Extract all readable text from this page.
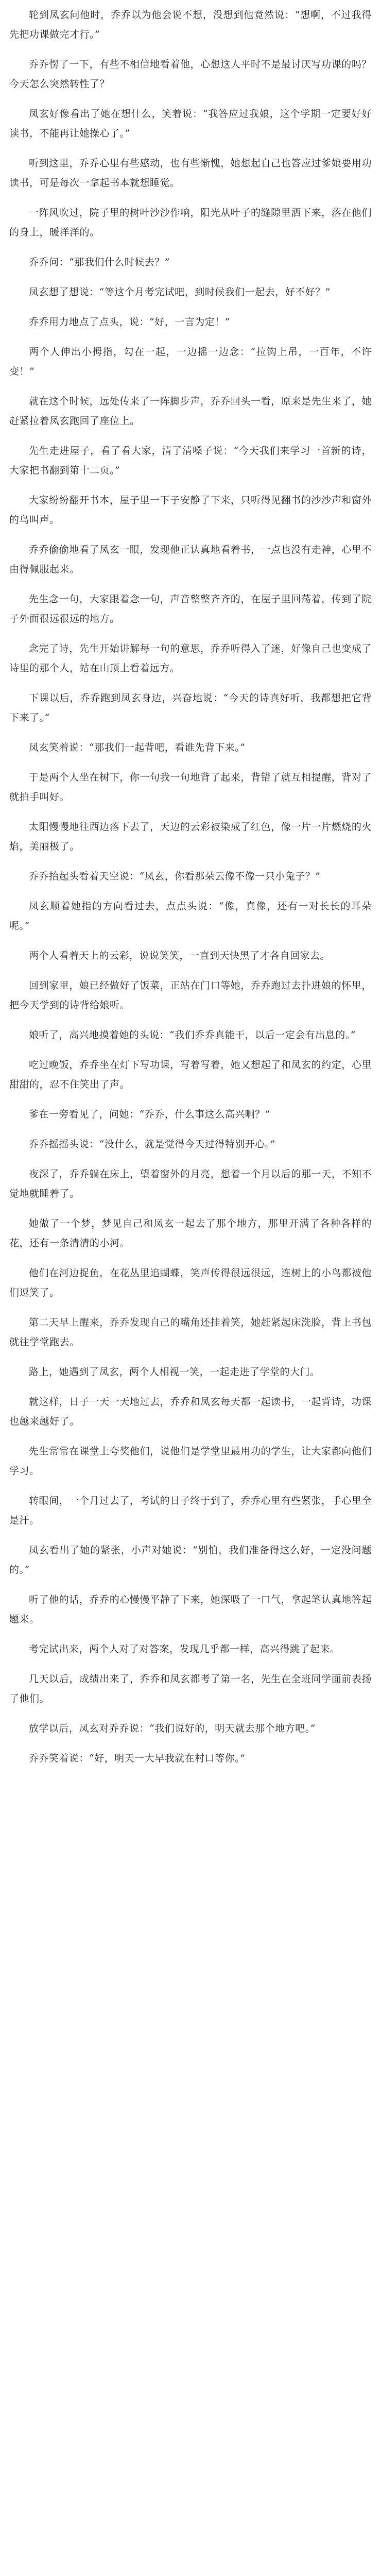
轮到凤玄问他时，乔乔以为他会说不想，没想到他竟然说：“想啊，不过我得先把功课做完才行。”

乔乔愣了一下，有些不相信地看着他，心想这人平时不是最讨厌写功课的吗？今天怎么突然转性了？

凤玄好像看出了她在想什么，笑着说：“我答应过我娘，这个学期一定要好好读书，不能再让她操心了。”

听到这里，乔乔心里有些感动，也有些惭愧，她想起自己也答应过爹娘要用功读书，可是每次一拿起书本就想睡觉。

一阵风吹过，院子里的树叶沙沙作响，阳光从叶子的缝隙里洒下来，落在他们的身上，暖洋洋的。

乔乔问：“那我们什么时候去？”

凤玄想了想说：“等这个月考完试吧，到时候我们一起去，好不好？”

乔乔用力地点了点头，说：“好，一言为定！”

两个人伸出小拇指，勾在一起，一边摇一边念：“拉钩上吊，一百年，不许变！”

就在这个时候，远处传来了一阵脚步声，乔乔回头一看，原来是先生来了，她赶紧拉着凤玄跑回了座位上。

先生走进屋子，看了看大家，清了清嗓子说：“今天我们来学习一首新的诗，大家把书翻到第十二页。”

大家纷纷翻开书本，屋子里一下子安静了下来，只听得见翻书的沙沙声和窗外的鸟叫声。

乔乔偷偷地看了凤玄一眼，发现他正认真地看着书，一点也没有走神，心里不由得佩服起来。

先生念一句，大家跟着念一句，声音整整齐齐的，在屋子里回荡着，传到了院子外面很远很远的地方。

念完了诗，先生开始讲解每一句的意思，乔乔听得入了迷，好像自己也变成了诗里的那个人，站在山顶上看着远方。

下课以后，乔乔跑到凤玄身边，兴奋地说：“今天的诗真好听，我都想把它背下来了。”

凤玄笑着说：“那我们一起背吧，看谁先背下来。”

于是两个人坐在树下，你一句我一句地背了起来，背错了就互相提醒，背对了就拍手叫好。

太阳慢慢地往西边落下去了，天边的云彩被染成了红色，像一片一片燃烧的火焰，美丽极了。

乔乔抬起头看着天空说：“凤玄，你看那朵云像不像一只小兔子？”

凤玄顺着她指的方向看过去，点点头说：“像，真像，还有一对长长的耳朵呢。”

两个人看着天上的云彩，说说笑笑，一直到天快黑了才各自回家去。

回到家里，娘已经做好了饭菜，正站在门口等她，乔乔跑过去扑进娘的怀里，把今天学到的诗背给娘听。

娘听了，高兴地摸着她的头说：“我们乔乔真能干，以后一定会有出息的。”

吃过晚饭，乔乔坐在灯下写功课，写着写着，她又想起了和凤玄的约定，心里甜甜的，忍不住笑出了声。

爹在一旁看见了，问她：“乔乔，什么事这么高兴啊？”

乔乔摇摇头说：“没什么，就是觉得今天过得特别开心。”

夜深了，乔乔躺在床上，望着窗外的月亮，想着一个月以后的那一天，不知不觉地就睡着了。

她做了一个梦，梦见自己和凤玄一起去了那个地方，那里开满了各种各样的花，还有一条清清的小河。

他们在河边捉鱼，在花丛里追蝴蝶，笑声传得很远很远，连树上的小鸟都被他们逗笑了。

第二天早上醒来，乔乔发现自己的嘴角还挂着笑，她赶紧起床洗脸，背上书包就往学堂跑去。

路上，她遇到了凤玄，两个人相视一笑，一起走进了学堂的大门。

就这样，日子一天一天地过去，乔乔和凤玄每天都一起读书，一起背诗，功课也越来越好了。

先生常常在课堂上夸奖他们，说他们是学堂里最用功的学生，让大家都向他们学习。

转眼间，一个月过去了，考试的日子终于到了，乔乔心里有些紧张，手心里全是汗。

凤玄看出了她的紧张，小声对她说：“别怕，我们准备得这么好，一定没问题的。”

听了他的话，乔乔的心慢慢平静了下来，她深吸了一口气，拿起笔认真地答起题来。

考完试出来，两个人对了对答案，发现几乎都一样，高兴得跳了起来。

几天以后，成绩出来了，乔乔和凤玄都考了第一名，先生在全班同学面前表扬了他们。

放学以后，凤玄对乔乔说：“我们说好的，明天就去那个地方吧。”

乔乔笑着说：“好，明天一大早我就在村口等你。”
